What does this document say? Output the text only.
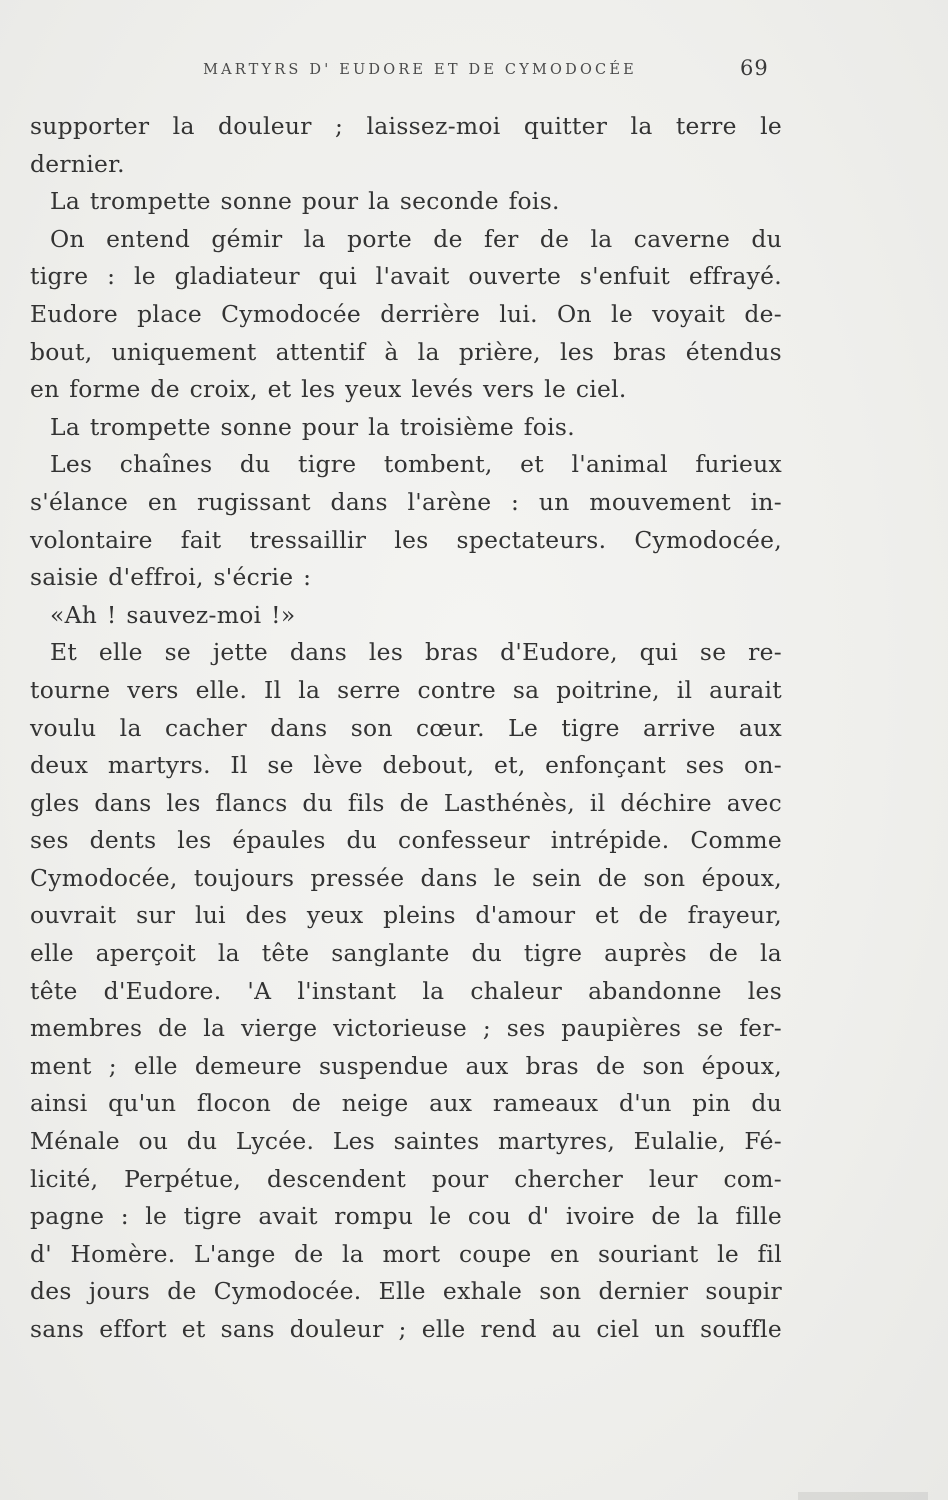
MARTYRS D' EUDORE ET DE CYMODOCÉE	69
supporter la douleur ; laissez-moi quitter la terre le
dernier.
La trompette sonne pour la seconde fois.
On entend gémir la porte de fer de la caverne du
tigre : le gladiateur qui l'avait ouverte s'enfuit effrayé.
Eudore place Cymodocée derrière lui. On le voyait de-
bout, uniquement attentif à la prière, les bras étendus
en forme de croix, et les yeux levés vers le ciel.
La trompette sonne pour la troisième fois.
Les chaînes du tigre tombent, et l'animal furieux
s'élance en rugissant dans l'arène : un mouvement in-
volontaire fait tressaillir les spectateurs. Cymodocée,
saisie d'effroi, s'écrie :
«Ah ! sauvez-moi !»
Et elle se jette dans les bras d'Eudore, qui se re-
tourne vers elle. Il la serre contre sa poitrine, il aurait
voulu la cacher dans son cœur. Le tigre arrive aux
deux martyrs. Il se lève debout, et, enfonçant ses on-
gles dans les flancs du fils de Lasthénès, il déchire avec
ses dents les épaules du confesseur intrépide. Comme
Cymodocée, toujours pressée dans le sein de son époux,
ouvrait sur lui des yeux pleins d'amour et de frayeur,
elle aperçoit la tête sanglante du tigre auprès de la
tête d'Eudore. 'A l'instant la chaleur abandonne les
membres de la vierge victorieuse ; ses paupières se fer-
ment ; elle demeure suspendue aux bras de son époux,
ainsi qu'un flocon de neige aux rameaux d'un pin du
Ménale ou du Lycée. Les saintes martyres, Eulalie, Fé-
licité, Perpétue, descendent pour chercher leur com-
pagne : le tigre avait rompu le cou d' ivoire de la fille
d' Homère. L'ange de la mort coupe en souriant le fil
des jours de Cymodocée. Elle exhale son dernier soupir
sans effort et sans douleur ; elle rend au ciel un souffle
